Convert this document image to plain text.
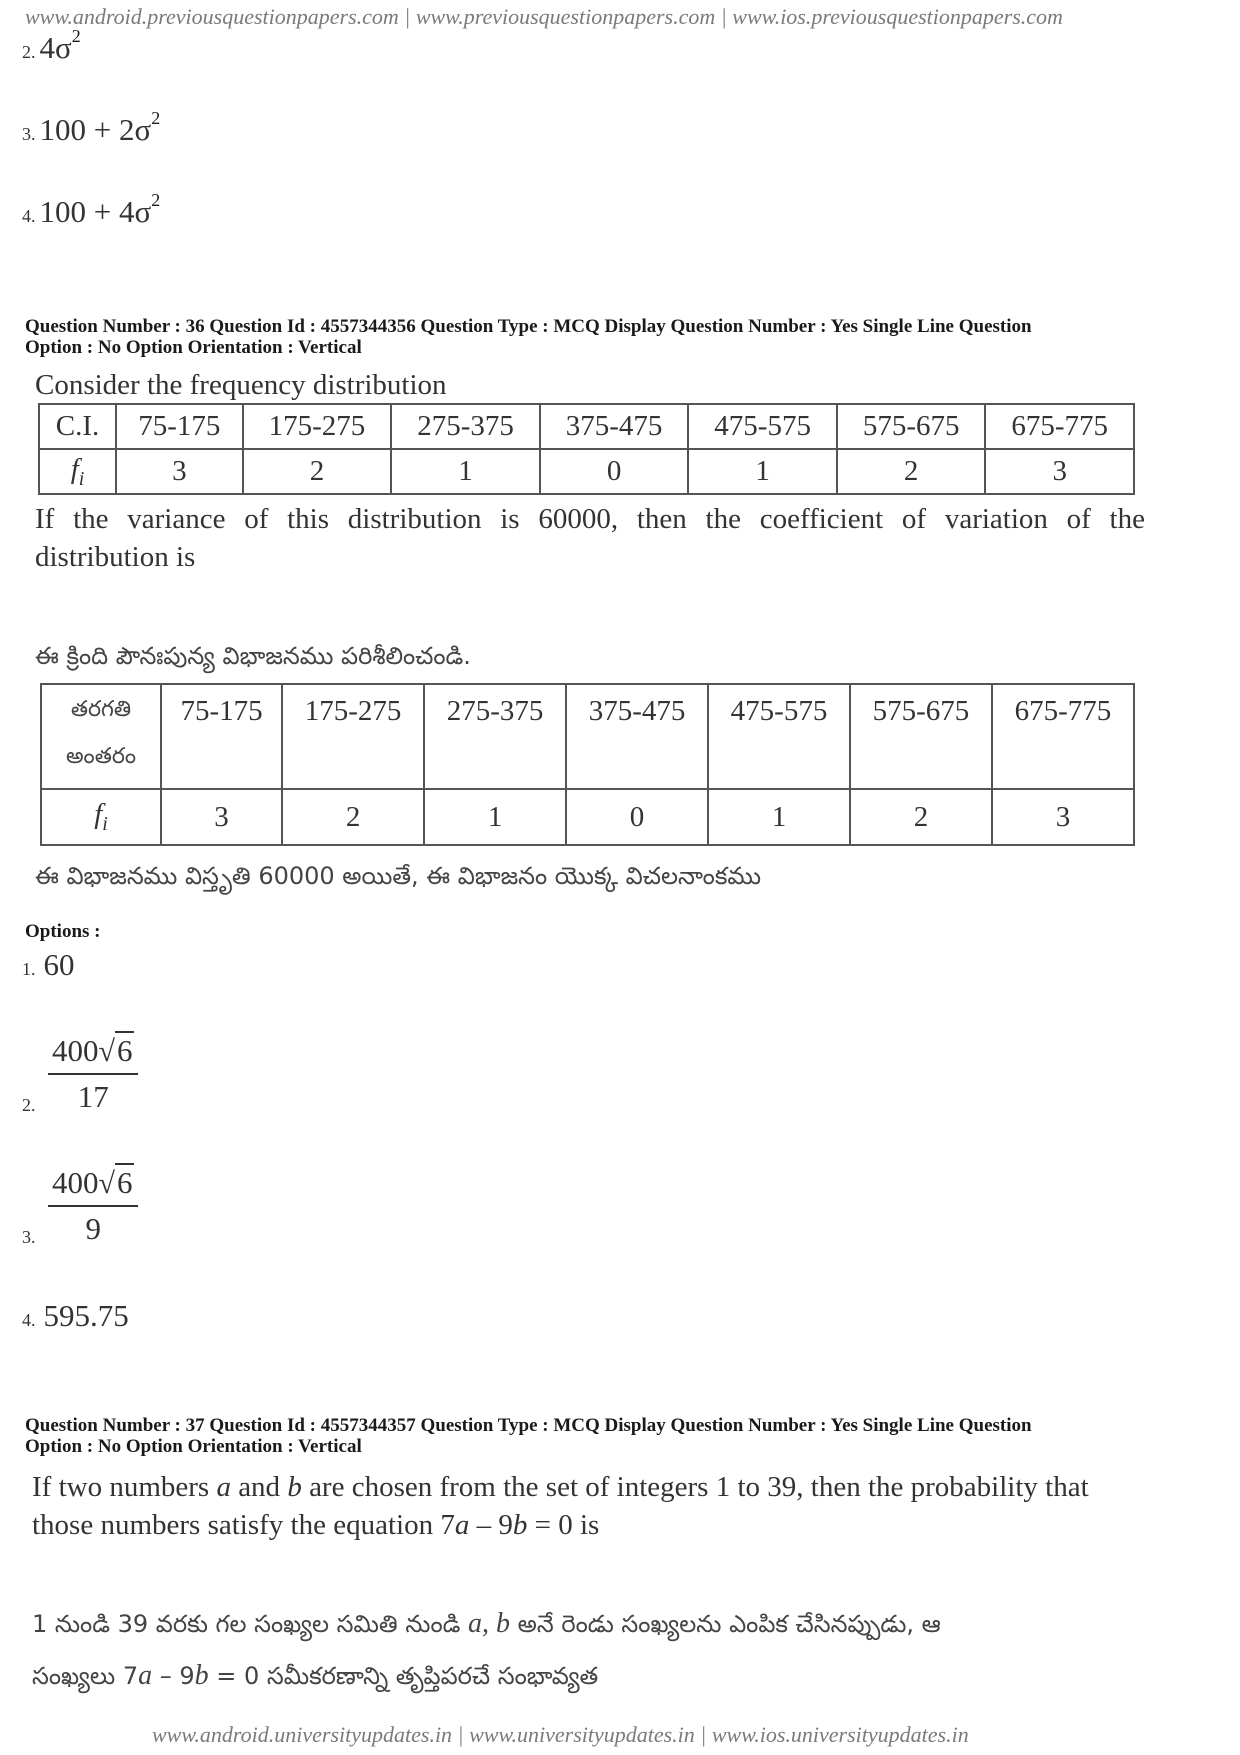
www.android.previousquestionpapers.com | www.previousquestionpapers.com | www.ios.previousquestionpapers.com
2. $4\sigma^2$
3. $100 + 2\sigma^2$
4. $100 + 4\sigma^2$
Question Number : 36 Question Id : 4557344356 Question Type : MCQ Display Question Number : Yes Single Line Question
Option : No Option Orientation : Vertical
Consider the frequency distribution
C.I.	75-175	175-275	275-375	375-475	475-575	575-675	675-775
$f_i$	3	2	1	0	1	2	3
If the variance of this distribution is 60000, then the coefficient of variation of the
distribution is
ఈ క్రింది పౌనఃపున్య విభాజనము పరిశీలించండి.
తరగతి
అంతరం	75-175	175-275	275-375	375-475	475-575	575-675	675-775
$f_i$	3	2	1	0	1	2	3
ఈ విభాజనము విస్తృతి 60000 అయితే, ఈ విభాజనం యొక్క విచలనాంకము
Options :
1. 60
2. $\frac{400√6}{17}$
3. $\frac{400√6}{9}$
4. 595.75
Question Number : 37 Question Id : 4557344357 Question Type : MCQ Display Question Number : Yes Single Line Question
Option : No Option Orientation : Vertical
If two numbers a and b are chosen from the set of integers 1 to 39, then the probability that
those numbers satisfy the equation 7a – 9b = 0 is
1 నుండి 39 వరకు గల సంఖ్యల సమితి నుండి a, b అనే రెండు సంఖ్యలను ఎంపిక చేసినప్పుడు, ఆ
సంఖ్యలు 7a – 9b = 0 సమీకరణాన్ని తృప్తిపరచే సంభావ్యత
www.android.universityupdates.in | www.universityupdates.in | www.ios.universityupdates.in
